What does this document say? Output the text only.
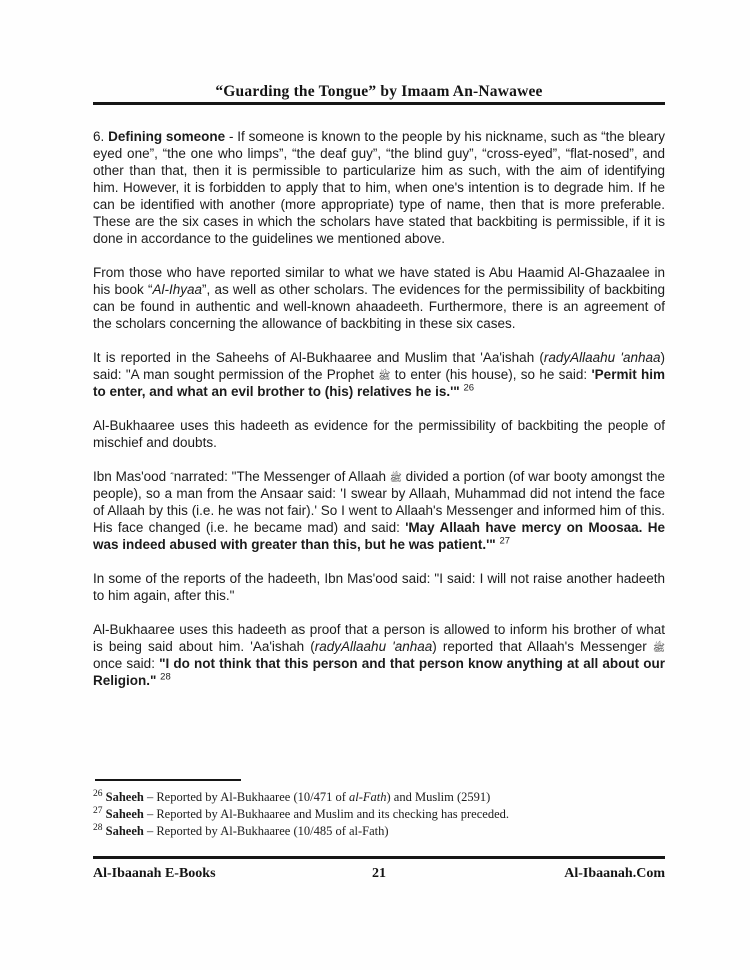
“Guarding the Tongue” by Imaam An-Nawawee

6. Defining someone - If someone is known to the people by his nickname, such as “the bleary eyed one”, “the one who limps”, “the deaf guy”, “the blind guy”, “cross-eyed”, “flat-nosed”, and other than that, then it is permissible to particularize him as such, with the aim of identifying him. However, it is forbidden to apply that to him, when one's intention is to degrade him. If he can be identified with another (more appropriate) type of name, then that is more preferable. These are the six cases in which the scholars have stated that backbiting is permissible, if it is done in accordance to the guidelines we mentioned above.

From those who have reported similar to what we have stated is Abu Haamid Al-Ghazaalee in his book “Al-Ihyaa”, as well as other scholars. The evidences for the permissibility of backbiting can be found in authentic and well-known ahaadeeth. Furthermore, there is an agreement of the scholars concerning the allowance of backbiting in these six cases.

It is reported in the Saheehs of Al-Bukhaaree and Muslim that 'Aa'ishah (radyAllaahu 'anhaa) said: "A man sought permission of the Prophet ﷺ to enter (his house), so he said: 'Permit him to enter, and what an evil brother to (his) relatives he is.'" $^{26}$

Al-Bukhaaree uses this hadeeth as evidence for the permissibility of backbiting the people of mischief and doubts.

Ibn Mas'ood narrated: "The Messenger of Allaah ﷺ divided a portion (of war booty amongst the people), so a man from the Ansaar said: 'I swear by Allaah, Muhammad did not intend the face of Allaah by this (i.e. he was not fair).' So I went to Allaah's Messenger and informed him of this. His face changed (i.e. he became mad) and said: 'May Allaah have mercy on Moosaa. He was indeed abused with greater than this, but he was patient.'" $^{27}$

In some of the reports of the hadeeth, Ibn Mas'ood said: "I said: I will not raise another hadeeth to him again, after this."

Al-Bukhaaree uses this hadeeth as proof that a person is allowed to inform his brother of what is being said about him. 'Aa'ishah (radyAllaahu 'anhaa) reported that Allaah's Messenger ﷺ once said: "I do not think that this person and that person know anything at all about our Religion." $^{28}$

$^{26}$ Saheeh – Reported by Al-Bukhaaree (10/471 of al-Fath) and Muslim (2591)
$^{27}$ Saheeh – Reported by Al-Bukhaaree and Muslim and its checking has preceded.
$^{28}$ Saheeh – Reported by Al-Bukhaaree (10/485 of al-Fath)
Al-Ibaanah E-Books	21	Al-Ibaanah.Com
